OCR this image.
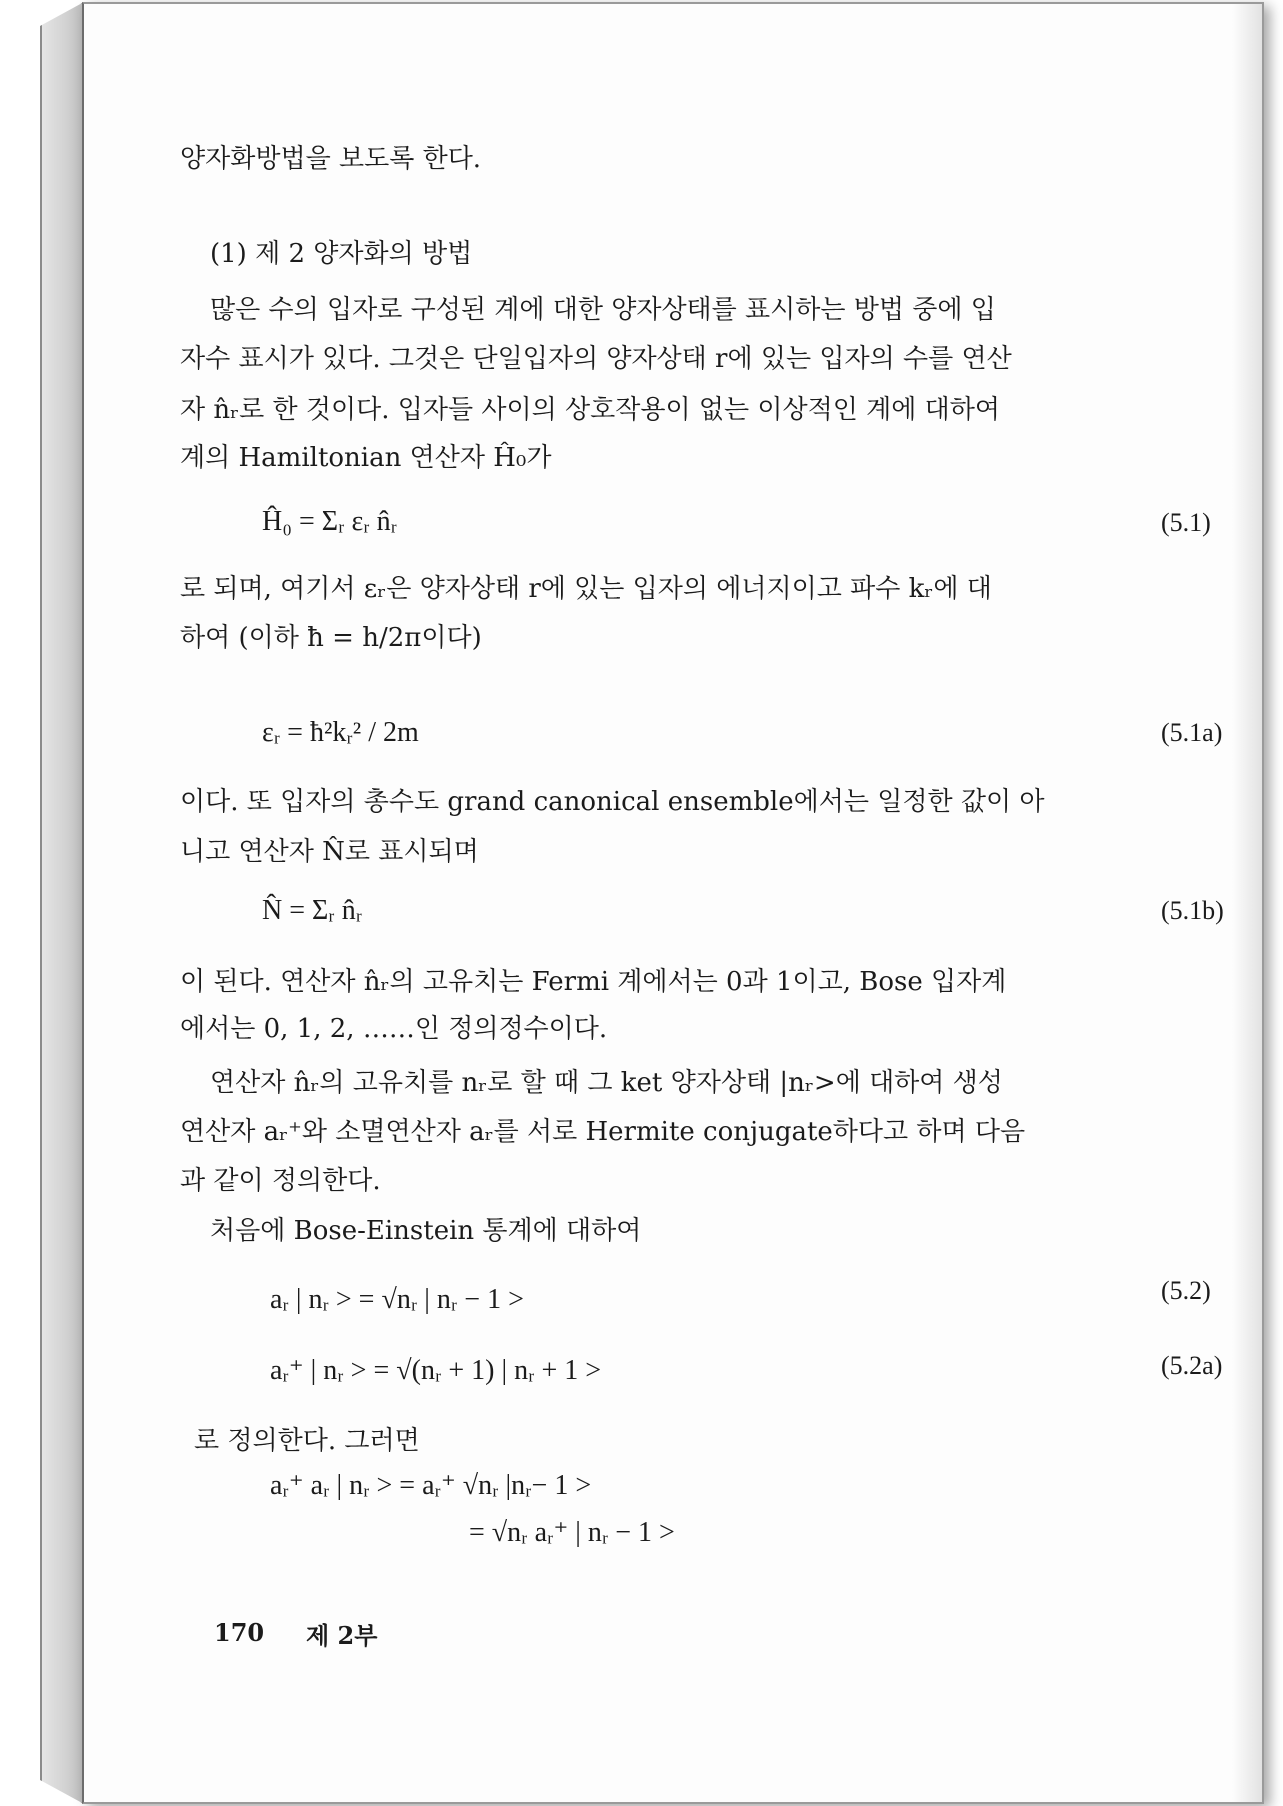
양자화방법을 보도록 한다.
(1) 제 2 양자화의 방법
많은 수의 입자로 구성된 계에 대한 양자상태를 표시하는 방법 중에 입
자수 표시가 있다. 그것은 단일입자의 양자상태 r에 있는 입자의 수를 연산
자 n̂ᵣ로 한 것이다. 입자들 사이의 상호작용이 없는 이상적인 계에 대하여
계의 Hamiltonian 연산자 Ĥ₀가
Ĥ₀ = Σᵣ εᵣ n̂ᵣ	(5.1)
로 되며, 여기서 εᵣ은 양자상태 r에 있는 입자의 에너지이고 파수 kᵣ에 대
하여 (이하 ħ = h/2π이다)
εᵣ = ħ²kᵣ² / 2m	(5.1a)
이다. 또 입자의 총수도 grand canonical ensemble에서는 일정한 값이 아
니고 연산자 N̂로 표시되며
N̂ = Σᵣ n̂ᵣ	(5.1b)
이 된다. 연산자 n̂ᵣ의 고유치는 Fermi 계에서는 0과 1이고, Bose 입자계
에서는 0, 1, 2, ……인 정의정수이다.
연산자 n̂ᵣ의 고유치를 nᵣ로 할 때 그 ket 양자상태 |nᵣ>에 대하여 생성
연산자 aᵣ⁺와 소멸연산자 aᵣ를 서로 Hermite conjugate하다고 하며 다음
과 같이 정의한다.
처음에 Bose-Einstein 통계에 대하여
aᵣ | nᵣ > = √nᵣ | nᵣ − 1 >	(5.2)
aᵣ⁺ | nᵣ > = √(nᵣ + 1) | nᵣ + 1 >	(5.2a)
로 정의한다. 그러면
aᵣ⁺ aᵣ | nᵣ > = aᵣ⁺ √nᵣ |nᵣ− 1 >
= √nᵣ aᵣ⁺ | nᵣ − 1 >
170 제 2부
